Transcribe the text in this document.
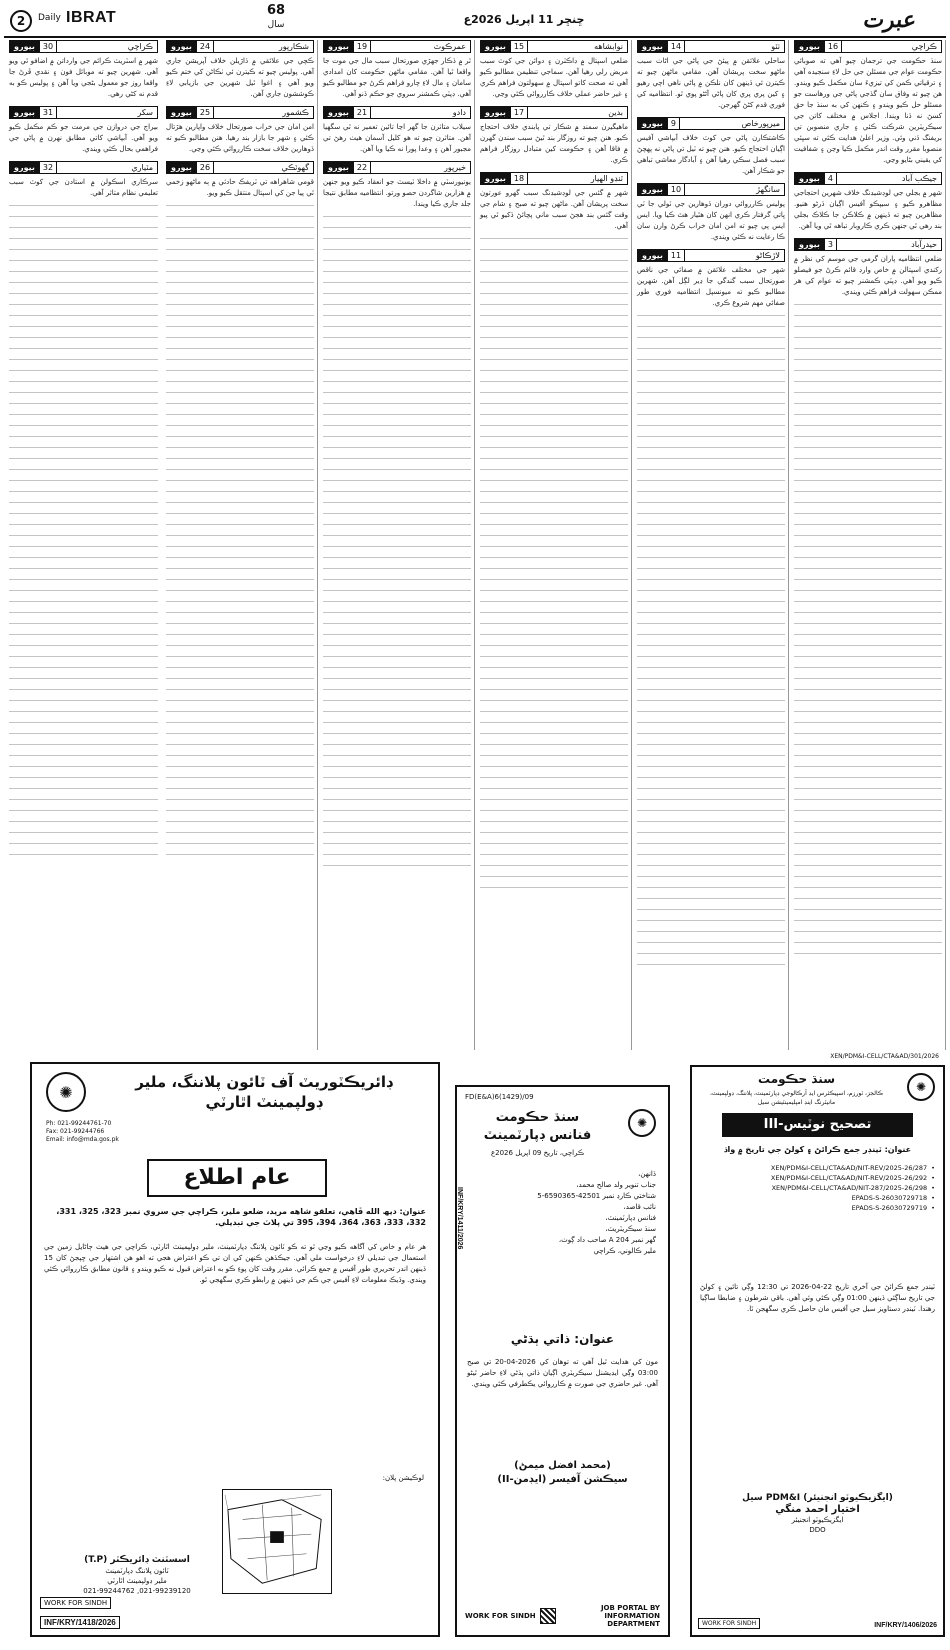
2	Daily IBRAT	68
سال	ڇنڇر 11 اپريل 2026ع	عبرت
بيورو	16	ڪراچي

سنڌ حڪومت جي ترجمان چيو آهي ته صوبائي حڪومت عوام جي مسئلن جي حل لاءِ سنجيده آهي ۽ ترقياتي ڪمن کي تيزيءَ سان مڪمل ڪيو ويندو. هن چيو ته وفاق سان گڏجي پاڻي جي ورهاست جو مسئلو حل ڪيو ويندو ۽ ڪنهن کي به سنڌ جا حق کسڻ نه ڏنا ويندا. اجلاس ۾ مختلف کاتن جي سيڪريٽرين شرڪت ڪئي ۽ جاري منصوبن تي بريفنگ ڏني وئي. وزير اعليٰ هدايت ڪئي ته سڀئي منصوبا مقرر وقت اندر مڪمل ڪيا وڃن ۽ شفافيت کي يقيني بڻايو وڃي.

بيورو	4	جيڪب آباد

شهر ۾ بجلي جي لوڊشيڊنگ خلاف شهرين احتجاجي مظاهرو ڪيو ۽ سيپڪو آفيس اڳيان ڌرڻو هنيو. مظاهرين چيو ته ڏينهن ۾ ڪلاڪن جا ڪلاڪ بجلي بند رهي ٿي جنهن ڪري ڪاروبار تباهه ٿي ويا آهن.

بيورو	3	حيدرآباد

ضلعي انتظاميه پاران گرمي جي موسم کي نظر ۾ رکندي اسپتالن ۾ خاص وارڊ قائم ڪرڻ جو فيصلو ڪيو ويو آهي. ڊپٽي ڪمشنر چيو ته عوام کي هر ممڪن سهولت فراهم ڪئي ويندي.

بيورو	14	ٺٽو

ساحلي علائقن ۾ پيئڻ جي پاڻي جي اڻاٺ سبب ماڻهو سخت پريشان آهن. مقامي ماڻهن چيو ته ڪيترن ئي ڏينهن کان نلڪن ۾ پاڻي ناهي اچي رهيو ۽ کين پري پري کان پاڻي آڻڻو پوي ٿو. انتظاميه کي فوري قدم کڻڻ گهرجن.

بيورو	9	ميرپورخاص

ڪاشتڪارن پاڻي جي کوٽ خلاف آبپاشي آفيس اڳيان احتجاج ڪيو. هنن چيو ته ٽيل تي پاڻي نه پهچڻ سبب فصل سڪي رهيا آهن ۽ آبادگار معاشي تباهي جو شڪار آهن.

بيورو	10	سانگهڙ

پوليس ڪارروائي دوران ڏوهارين جي ٽولي جا ٽي ڀاتي گرفتار ڪري انهن کان هٿيار هٿ ڪيا ويا. ايس ايس پي چيو ته امن امان خراب ڪرڻ وارن سان ڪا رعايت نه ڪئي ويندي.

بيورو	11	لاڙڪاڻو

شهر جي مختلف علائقن ۾ صفائي جي ناقص صورتحال سبب گندگي جا ڍير لڳل آهن. شهرين مطالبو ڪيو ته ميونسپل انتظاميه فوري طور صفائي مهم شروع ڪري.

بيورو	15	نوابشاهه

ضلعي اسپتال ۾ ڊاڪٽرن ۽ دوائن جي کوٽ سبب مريض رلي رهيا آهن. سماجي تنظيمن مطالبو ڪيو آهي ته صحت کاتو اسپتال ۾ سهولتون فراهم ڪري ۽ غير حاضر عملي خلاف ڪارروائي ڪئي وڃي.

بيورو	17	بدين

ماهيگيرن سمنڊ ۾ شڪار تي پابندي خلاف احتجاج ڪيو. هنن چيو ته روزگار بند ٿيڻ سبب سندن گهرن ۾ فاقا آهن ۽ حڪومت کين متبادل روزگار فراهم ڪري.

بيورو	18	ٽنڊو الهيار

شهر ۾ گئس جي لوڊشيڊنگ سبب گهرو عورتون سخت پريشان آهن. ماڻهن چيو ته صبح ۽ شام جي وقت گئس بند هجڻ سبب ماني پچائڻ ڏکيو ٿي پيو آهي.

بيورو	19	عمرڪوٽ

ٿر ۾ ڏڪار جهڙي صورتحال سبب مال جي موت جا واقعا ٿيا آهن. مقامي ماڻهن حڪومت کان امدادي سامان ۽ مال لاءِ چارو فراهم ڪرڻ جو مطالبو ڪيو آهي. ڊپٽي ڪمشنر سروي جو حڪم ڏنو آهي.

بيورو	21	دادو

سيلاب متاثرن جا گهر اڃا تائين تعمير نه ٿي سگهيا آهن. متاثرن چيو ته هو کليل آسمان هيٺ رهڻ تي مجبور آهن ۽ وعدا پورا نه ڪيا ويا آهن.

بيورو	22	خيرپور

يونيورسٽي ۾ داخلا ٽيسٽ جو انعقاد ڪيو ويو جنهن ۾ هزارين شاگردن حصو ورتو. انتظاميه مطابق نتيجا جلد جاري ڪيا ويندا.

بيورو	24	شڪارپور

ڪچي جي علائقي ۾ ڌاڙيلن خلاف آپريشن جاري آهي. پوليس چيو ته ڪيترن ئي ٺڪاڻن کي ختم ڪيو ويو آهي ۽ اغوا ٿيل شهرين جي بازيابي لاءِ ڪوششون جاري آهن.

بيورو	25	ڪشمور

امن امان جي خراب صورتحال خلاف واپارين هڙتال ڪئي ۽ شهر جا بازار بند رهيا. هنن مطالبو ڪيو ته ڏوهارين خلاف سخت ڪارروائي ڪئي وڃي.

بيورو	26	گهوٽڪي

قومي شاهراهه تي ٽريفڪ حادثي ۾ ٻه ماڻهو زخمي ٿي پيا جن کي اسپتال منتقل ڪيو ويو.

بيورو	30	ڪراچي

شهر ۾ اسٽريٽ ڪرائم جي وارداتن ۾ اضافو ٿي ويو آهي. شهرين چيو ته موبائل فون ۽ نقدي ڦرڻ جا واقعا روز جو معمول بڻجي ويا آهن ۽ پوليس ڪو به قدم نه کڻي رهي.

بيورو	31	سکر

بيراج جي دروازن جي مرمت جو ڪم مڪمل ڪيو ويو آهي. آبپاشي کاتي مطابق نهرن ۾ پاڻي جي فراهمي بحال ڪئي ويندي.

بيورو	32	مٽياري

سرڪاري اسڪولن ۾ استادن جي کوٽ سبب تعليمي نظام متاثر آهي.

✺
ڊائريڪٽوريٽ آف ٽائون پلاننگ، ملير ڊولپمينٽ اٿارٽي
Ph: 021-99244761-70
Fax: 021-99244766
Email: info@mda.gos.pk
عام اطلاع
عنوان: ديھ الله ڦاهي، تعلقو شاهه مريد، ضلعو ملير، ڪراچي جي سروي نمبر 323، 325، 331، 332، 333، 363، 364، 394، 395 تي پلاٽ جي تبديلي.
هر عام و خاص کي آگاهه ڪيو وڃي ٿو ته ڪو ٽائون پلاننگ ڊپارٽمينٽ، ملير ڊولپمينٽ اٿارٽي، ڪراچي جي هيٺ ڄاڻايل زمين جي استعمال جي تبديلي لاءِ درخواست ملي آهي. جيڪڏهن ڪنهن کي ان تي ڪو اعتراض هجي ته اهو هن اشتهار جي ڇپجڻ کان 15 ڏينهن اندر تحريري طور آفيس ۾ جمع ڪرائي. مقرر وقت کان پوءِ ڪو به اعتراض قبول نه ڪيو ويندو ۽ قانون مطابق ڪارروائي ڪئي ويندي. وڌيڪ معلومات لاءِ آفيس جي ڪم جي ڏينهن ۾ رابطو ڪري سگهجي ٿو.
لوڪيشن پلان:
اسسٽنٽ ڊائريڪٽر (T.P)
ٽائون پلاننگ ڊپارٽمينٽ
ملير ڊولپمينٽ اٿارٽي
021-99239120, 021-99244762
WORK FOR SINDH
INF/KRY/1418/2026
FD(E&A)6(1429)/09
✺
سنڌ حڪومت
فنانس ڊپارٽمينٽ
ڪراچي، تاريخ 09 اپريل 2026ع
ڏانهن،
جناب تنوير ولد صالح محمد،
شناختي ڪارڊ نمبر 42501-6590365-5
نائب قاصد،
فنانس ڊپارٽمينٽ،
سنڌ سيڪريٽريٽ،
گهر نمبر A 204 صاحب داد ڳوٺ،
ملير ڪالوني، ڪراچي
عنوان: ذاتي ٻڌڻي
مون کي هدايت ٿيل آهي ته توهان کي 2026-04-20 تي صبح 03:00 وڳي ايڊيشنل سيڪريٽري اڳيان ذاتي ٻڌڻي لاءِ حاضر ٿيڻو آهي. غير حاضري جي صورت ۾ ڪارروائي يڪطرفي ڪئي ويندي.
(محمد افضل ميمڻ)
سيڪشن آفيسر (ايڊمن-II)
INF/KRY/1411/2026
WORK FOR SINDH
JOB PORTAL BY INFORMATION DEPARTMENT
XEN/PDM&I-CELL/CTA&AD/301/2026
✺
سنڌ حڪومت
ڪالجز، ٽورزم، اسپيڪٽرس ايڊ آرڪالوجي ڊپارٽمينٽ، پلاننگ، ڊولپمينٽ، مانيٽرنگ اينڊ امپليمينٽيشن سيل
تصحيح نوٽيس-III
عنوان: ٽينڊر جمع ڪرائڻ ۽ کولڻ جي تاريخ ۾ واڌ
XEN/PDM&I-CELL/CTA&AD/NIT-REV/2025-26/287 •
XEN/PDM&I-CELL/CTA&AD/NIT-REV/2025-26/292 •
XEN/PDM&I-CELL/CTA&AD/NIT-287/2025-26/298 •
EPADS-S-26030729718 •
EPADS-S-26030729719 •
ٽينڊر جمع ڪرائڻ جي آخري تاريخ 22-04-2026 تي 12:30 وڳي تائين ۽ کولڻ جي تاريخ ساڳئي ڏينهن 01:00 وڳي ڪئي وئي آهي. باقي شرطون ۽ ضابطا ساڳيا رهندا. ٽينڊر دستاويز سيل جي آفيس مان حاصل ڪري سگهجن ٿا.
(ايگزيڪيوٽو انجنيئر) PDM&I سيل
اختيار احمد منگي
ايگزيڪيوٽو انجنيئر
DDO
WORK FOR SINDH	INF/KRY/1406/2026
